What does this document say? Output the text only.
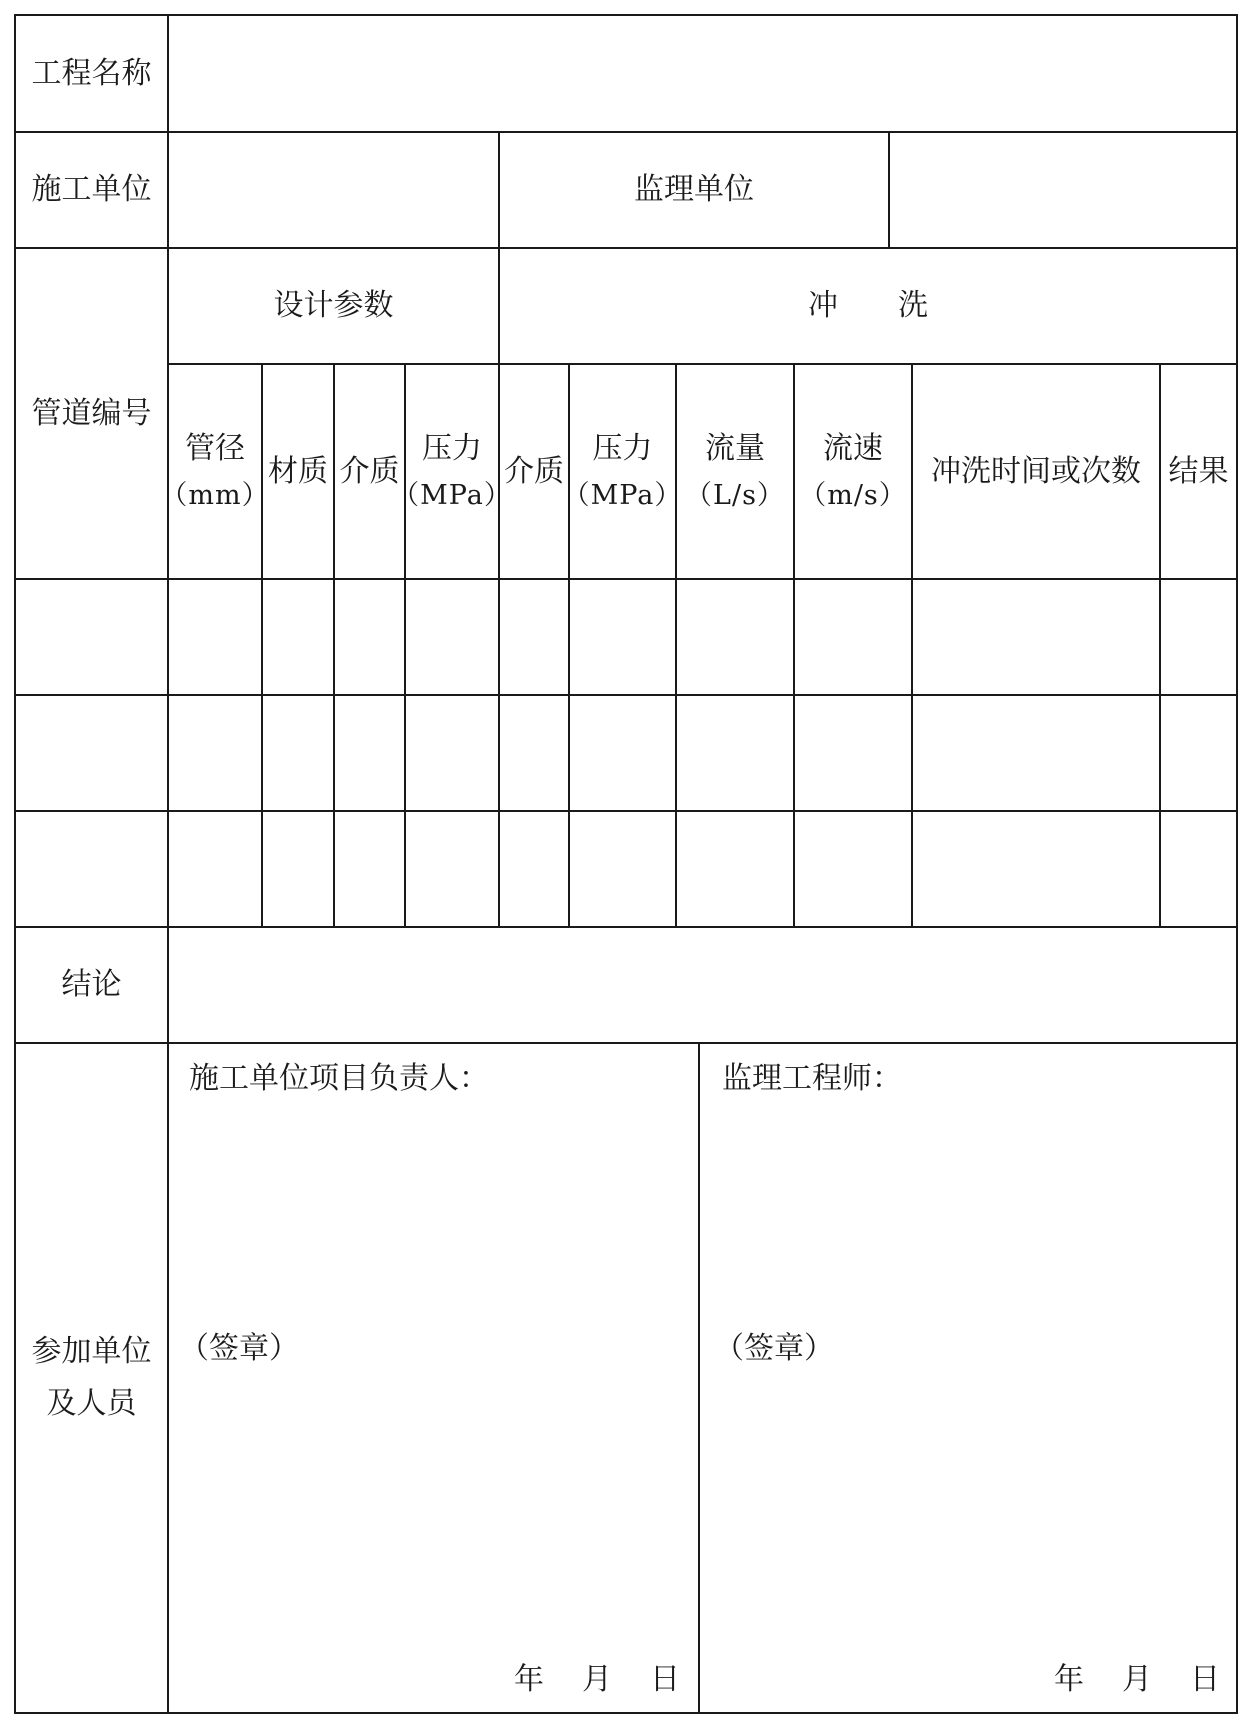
工程名称
施工单位	监理单位
管道编号
设计参数	冲　　洗
管径
（mm）
材质 介质
压力
（MPa）
介质
压力
（MPa）
流量
（L/s）
流速
（m/s）
冲洗时间或次数 结果
结论
参加单位
及人员
施工单位项目负责人：
（签章）
年 月 日
监理工程师：
（签章）
年 月 日
